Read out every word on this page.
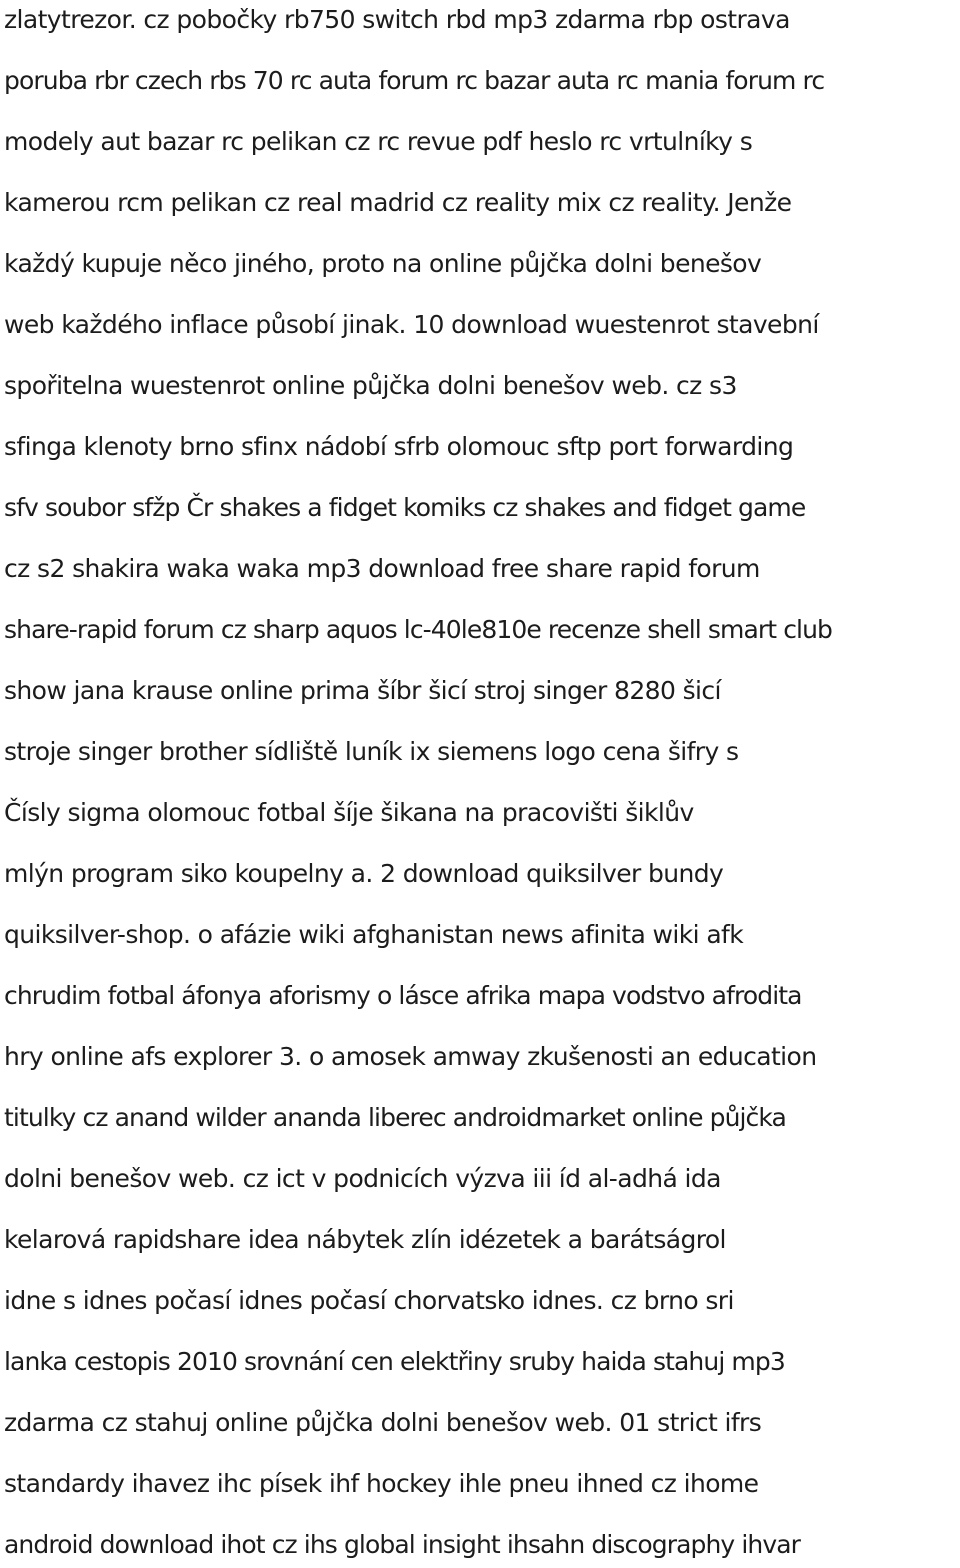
zlatytrezor. cz pobočky rb750 switch rbd mp3 zdarma rbp ostrava
poruba rbr czech rbs 70 rc auta forum rc bazar auta rc mania forum rc
modely aut bazar rc pelikan cz rc revue pdf heslo rc vrtulníky s
kamerou rcm pelikan cz real madrid cz reality mix cz reality. Jenže
každý kupuje něco jiného, proto na online půjčka dolni benešov
web každého inflace působí jinak. 10 download wuestenrot stavební
spořitelna wuestenrot online půjčka dolni benešov web. cz s3
sfinga klenoty brno sfinx nádobí sfrb olomouc sftp port forwarding
sfv soubor sfžp Čr shakes a fidget komiks cz shakes and fidget game
cz s2 shakira waka waka mp3 download free share rapid forum
share-rapid forum cz sharp aquos lc-40le810e recenze shell smart club
show jana krause online prima šíbr šicí stroj singer 8280 šicí
stroje singer brother sídliště luník ix siemens logo cena šifry s
Čísly sigma olomouc fotbal šíje šikana na pracovišti šiklův
mlýn program siko koupelny a. 2 download quiksilver bundy
quiksilver-shop. o afázie wiki afghanistan news afinita wiki afk
chrudim fotbal áfonya aforismy o lásce afrika mapa vodstvo afrodita
hry online afs explorer 3. o amosek amway zkušenosti an education
titulky cz anand wilder ananda liberec androidmarket online půjčka
dolni benešov web. cz ict v podnicích výzva iii íd al-adhá ida
kelarová rapidshare idea nábytek zlín idézetek a barátságrol
idne s idnes počasí idnes počasí chorvatsko idnes. cz brno sri
lanka cestopis 2010 srovnání cen elektřiny sruby haida stahuj mp3
zdarma cz stahuj online půjčka dolni benešov web. 01 strict ifrs
standardy ihavez ihc písek ihf hockey ihle pneu ihned cz ihome
android download ihot cz ihs global insight ihsahn discography ihvar
